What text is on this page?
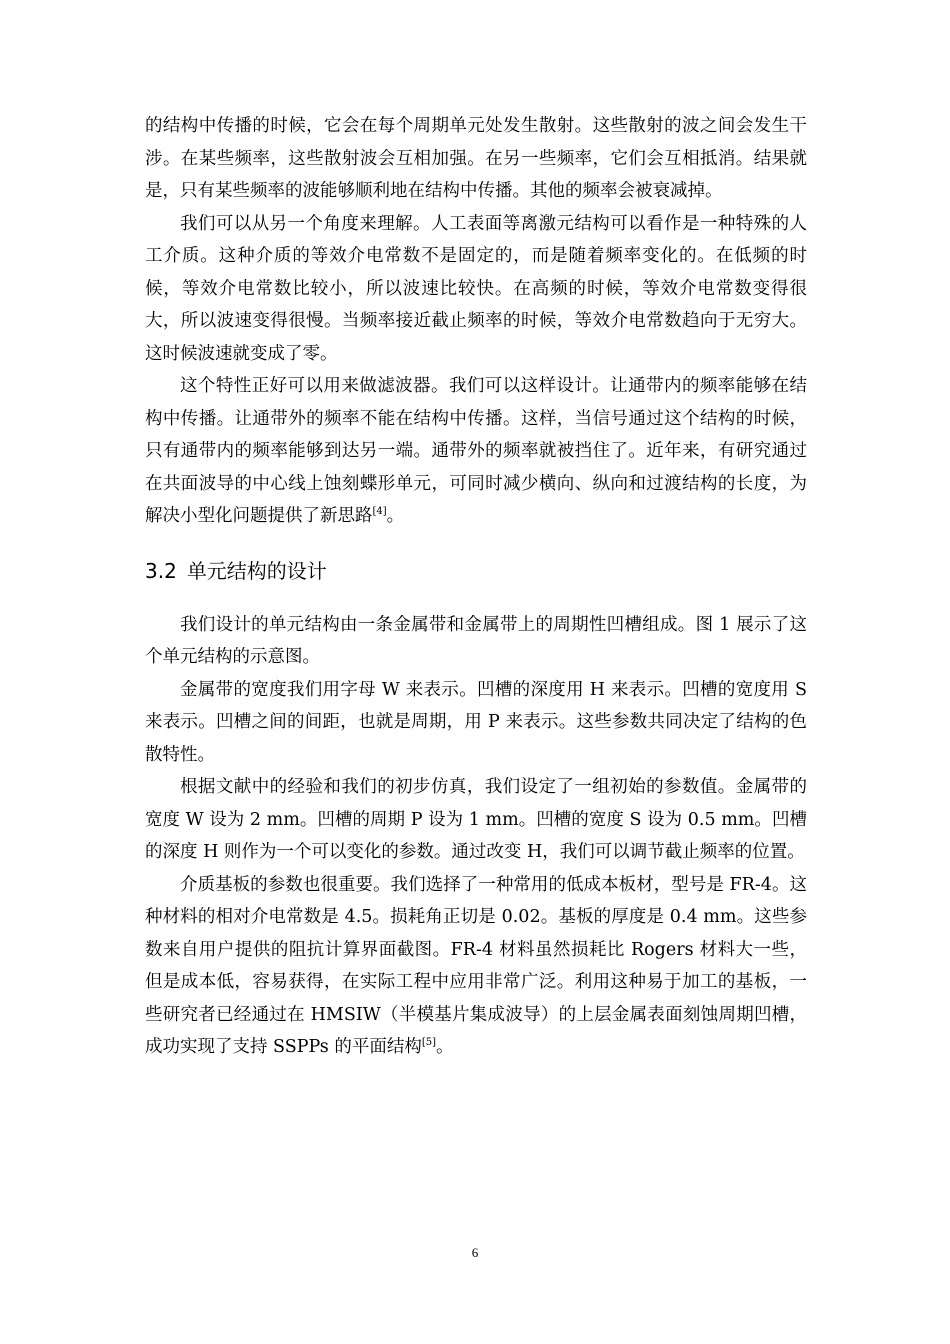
的结构中传播的时候，它会在每个周期单元处发生散射。这些散射的波之间会发生干涉。在某些频率，这些散射波会互相加强。在另一些频率，它们会互相抵消。结果就是，只有某些频率的波能够顺利地在结构中传播。其他的频率会被衰减掉。

我们可以从另一个角度来理解。人工表面等离激元结构可以看作是一种特殊的人工介质。这种介质的等效介电常数不是固定的，而是随着频率变化的。在低频的时候，等效介电常数比较小，所以波速比较快。在高频的时候，等效介电常数变得很大，所以波速变得很慢。当频率接近截止频率的时候，等效介电常数趋向于无穷大。这时候波速就变成了零。

这个特性正好可以用来做滤波器。我们可以这样设计。让通带内的频率能够在结构中传播。让通带外的频率不能在结构中传播。这样，当信号通过这个结构的时候，只有通带内的频率能够到达另一端。通带外的频率就被挡住了。近年来，有研究通过在共面波导的中心线上蚀刻蝶形单元，可同时减少横向、纵向和过渡结构的长度，为解决小型化问题提供了新思路[4]。

3.2 单元结构的设计

我们设计的单元结构由一条金属带和金属带上的周期性凹槽组成。图 1 展示了这个单元结构的示意图。

金属带的宽度我们用字母 W 来表示。凹槽的深度用 H 来表示。凹槽的宽度用 S 来表示。凹槽之间的间距，也就是周期，用 P 来表示。这些参数共同决定了结构的色散特性。

根据文献中的经验和我们的初步仿真，我们设定了一组初始的参数值。金属带的宽度 W 设为 2 mm。凹槽的周期 P 设为 1 mm。凹槽的宽度 S 设为 0.5 mm。凹槽的深度 H 则作为一个可以变化的参数。通过改变 H，我们可以调节截止频率的位置。

介质基板的参数也很重要。我们选择了一种常用的低成本板材，型号是 FR-4。这种材料的相对介电常数是 4.5。损耗角正切是 0.02。基板的厚度是 0.4 mm。这些参数来自用户提供的阻抗计算界面截图。FR-4 材料虽然损耗比 Rogers 材料大一些，但是成本低，容易获得，在实际工程中应用非常广泛。利用这种易于加工的基板，一些研究者已经通过在 HMSIW（半模基片集成波导）的上层金属表面刻蚀周期凹槽，成功实现了支持 SSPPs 的平面结构[5]。

6
